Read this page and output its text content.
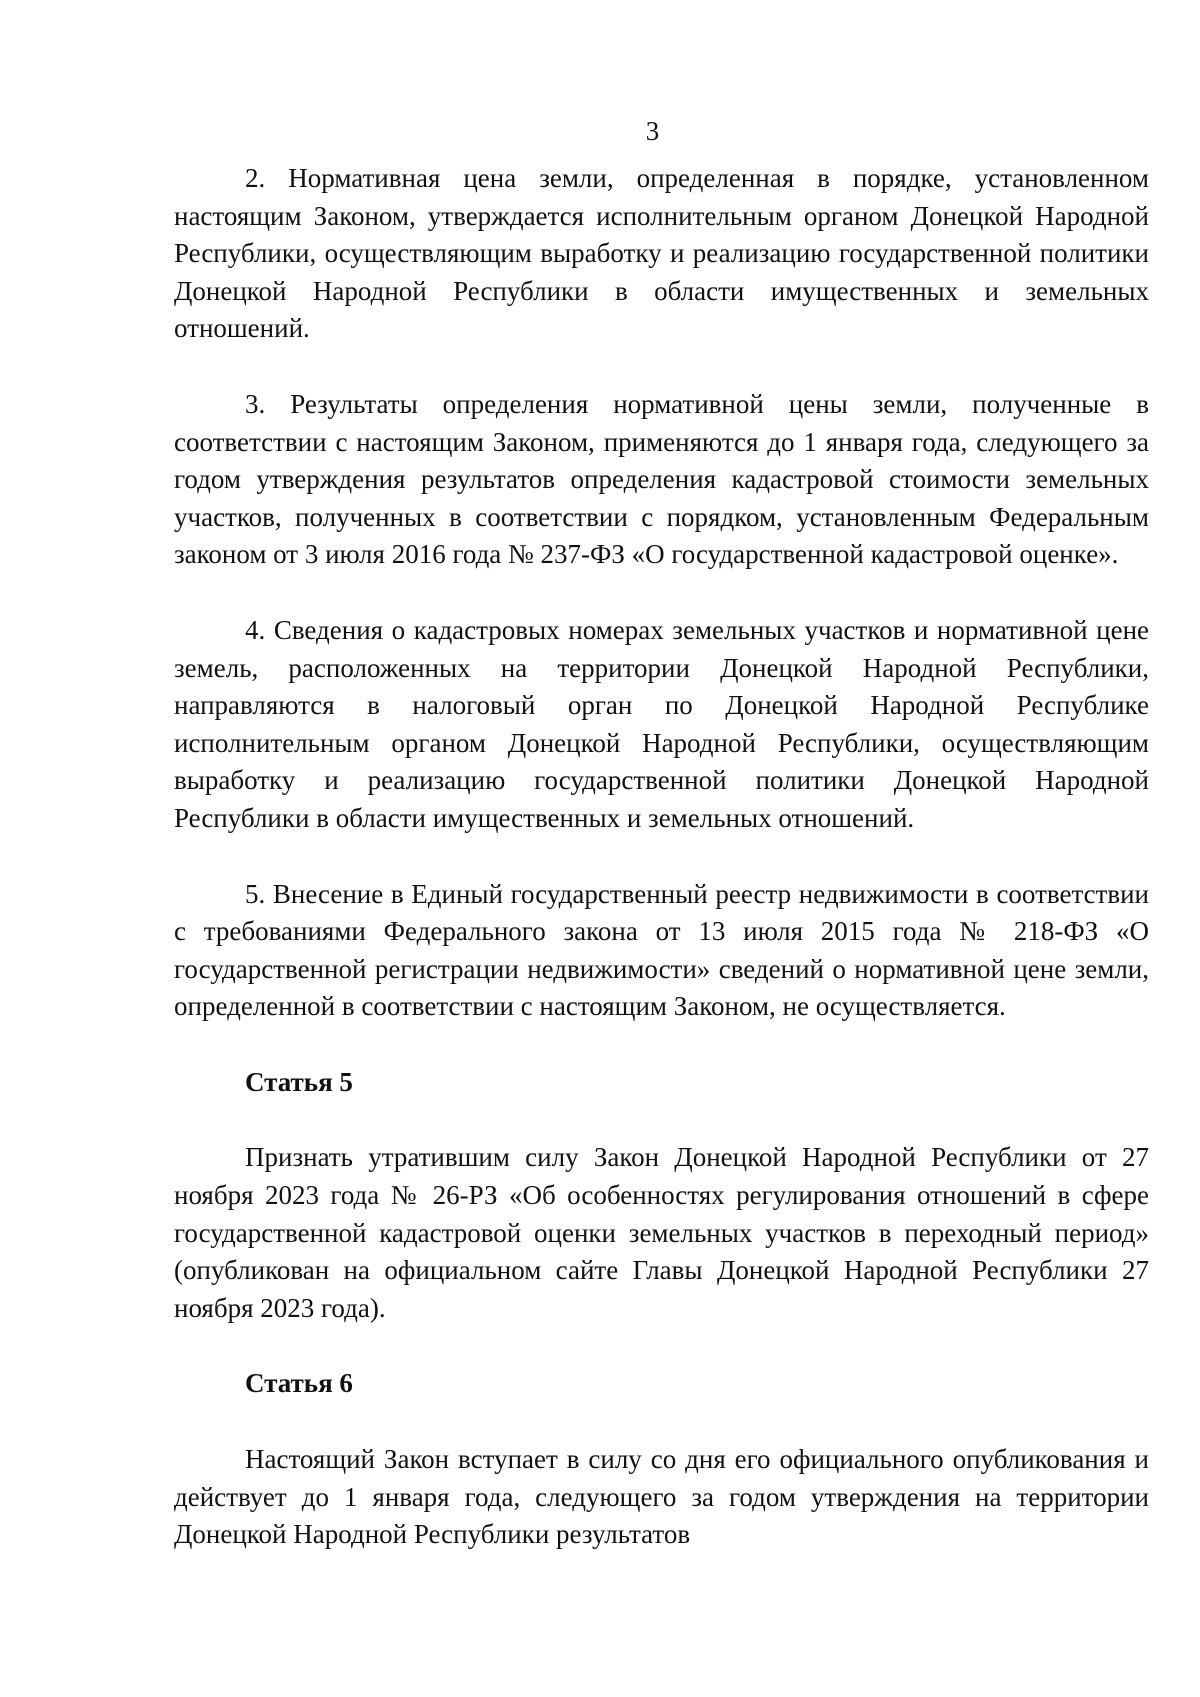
3

2. Нормативная цена земли, определенная в порядке, установленном настоящим Законом, утверждается исполнительным органом Донецкой Народной Республики, осуществляющим выработку и реализацию государственной политики Донецкой Народной Республики в области имущественных и земельных отношений.

3. Результаты определения нормативной цены земли, полученные в соответствии с настоящим Законом, применяются до 1 января года, следующего за годом утверждения результатов определения кадастровой стоимости земельных участков, полученных в соответствии с порядком, установленным Федеральным законом от 3 июля 2016 года № 237-ФЗ «О государственной кадастровой оценке».

4. Сведения о кадастровых номерах земельных участков и нормативной цене земель, расположенных на территории Донецкой Народной Республики, направляются в налоговый орган по Донецкой Народной Республике исполнительным органом Донецкой Народной Республики, осуществляющим выработку и реализацию государственной политики Донецкой Народной Республики в области имущественных и земельных отношений.

5. Внесение в Единый государственный реестр недвижимости в соответствии с требованиями Федерального закона от 13 июля 2015 года № 218-ФЗ «О государственной регистрации недвижимости» сведений о нормативной цене земли, определенной в соответствии с настоящим Законом, не осуществляется.

Статья 5

Признать утратившим силу Закон Донецкой Народной Республики от 27 ноября 2023 года № 26-РЗ «Об особенностях регулирования отношений в сфере государственной кадастровой оценки земельных участков в переходный период» (опубликован на официальном сайте Главы Донецкой Народной Республики 27 ноября 2023 года).

Статья 6

Настоящий Закон вступает в силу со дня его официального опубликования и действует до 1 января года, следующего за годом утверждения на территории Донецкой Народной Республики результатов
